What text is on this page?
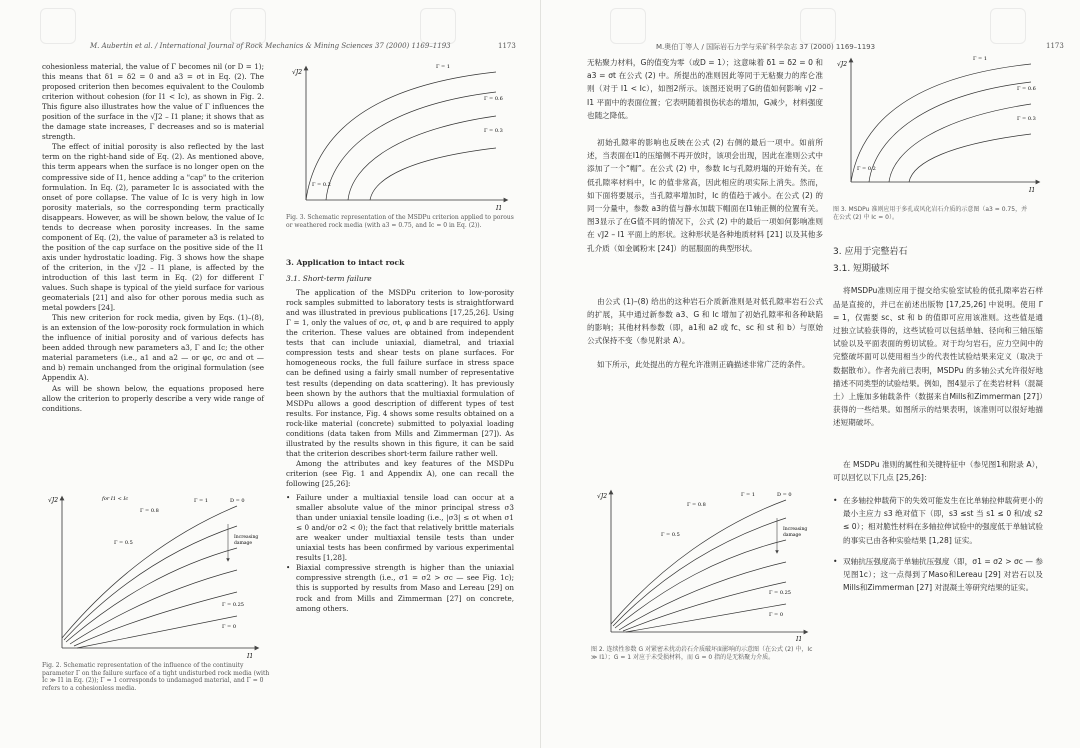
M. Aubertin et al. / International Journal of Rock Mechanics & Mining Sciences 37 (2000) 1169–1193	1173

cohesionless material, the value of Γ becomes nil (or D = 1); this means that δ1 = δ2 = 0 and a3 = σt in Eq. (2). The proposed criterion then becomes equivalent to the Coulomb criterion without cohesion (for I1 < Ic), as shown in Fig. 2. This figure also illustrates how the value of Γ influences the position of the surface in the √J2 – I1 plane; it shows that as the damage state increases, Γ decreases and so is material strength.

The effect of initial porosity is also reflected by the last term on the right-hand side of Eq. (2). As mentioned above, this term appears when the surface is no longer open on the compressive side of I1, hence adding a "cap" to the criterion formulation. In Eq. (2), parameter Ic is associated with the onset of pore collapse. The value of Ic is very high in low porosity materials, so the corresponding term practically disappears. However, as will be shown below, the value of Ic tends to decrease when porosity increases. In the same component of Eq. (2), the value of parameter a3 is related to the position of the cap surface on the positive side of the I1 axis under hydrostatic loading. Fig. 3 shows how the shape of the criterion, in the √J2 – I1 plane, is affected by the introduction of this last term in Eq. (2) for different Γ values. Such shape is typical of the yield surface for various geomaterials [21] and also for other porous media such as metal powders [24].

This new criterion for rock media, given by Eqs. (1)–(8), is an extension of the low-porosity rock formulation in which the influence of initial porosity and of various defects has been added through new parameters a3, Γ and Ic; the other material parameters (i.e., a1 and a2 — or φc, σc and σt — and b) remain unchanged from the original formulation (see Appendix A).

As will be shown below, the equations proposed here allow the criterion to properly describe a very wide range of conditions.

√J2
I1
for I1 < Ic	D = 0
Γ = 1
Γ = 0.8
Γ = 0.5
Γ = 0.25
Γ = 0
Increasing
damage
Fig. 2. Schematic representation of the influence of the continuity parameter Γ on the failure surface of a tight undisturbed rock media (with Ic ≫ I1 in Eq. (2)); Γ = 1 corresponds to undamaged material, and Γ = 0 refers to a cohesionless media.
√J2
I1
Γ = 1
Γ = 0.6
Γ = 0.3
Γ = 0.2
Fig. 3. Schematic representation of the MSDPu criterion applied to porous or weathered rock media (with a3 = 0.75, and Ic = 0 in Eq. (2)).

3. Application to intact rock

3.1. Short-term failure

The application of the MSDPu criterion to low-porosity rock samples submitted to laboratory tests is straightforward and was illustrated in previous publications [17,25,26]. Using Γ = 1, only the values of σc, σt, φ and b are required to apply the criterion. These values are obtained from independent tests that can include uniaxial, diametral, and triaxial compression tests and shear tests on plane surfaces. For homogeneous rocks, the full failure surface in stress space can be defined using a fairly small number of representative test results (depending on data scattering). It has previously been shown by the authors that the multiaxial formulation of MSDPu allows a good description of different types of test results. For instance, Fig. 4 shows some results obtained on a rock-like material (concrete) submitted to polyaxial loading conditions (data taken from Mills and Zimmerman [27]). As illustrated by the results shown in this figure, it can be said that the criterion describes short-term failure rather well.

Among the attributes and key features of the MSDPu criterion (see Fig. 1 and Appendix A), one can recall the following [25,26]:

• Failure under a multiaxial tensile load can occur at a smaller absolute value of the minor principal stress σ3 than under uniaxial tensile loading (i.e., |σ3| ≤ σt when σ1 ≤ 0 and/or σ2 < 0); the fact that relatively brittle materials are weaker under multiaxial tensile tests than under uniaxial tests has been confirmed by various experimental results [1,28].

• Biaxial compressive strength is higher than the uniaxial compressive strength (i.e., σ1 = σ2 > σc — see Fig. 1c); this is supported by results from Maso and Lereau [29] on rock and from Mills and Zimmerman [27] on concrete, among others.

M.奥伯丁等人 / 国际岩石力学与采矿科学杂志 37 (2000) 1169–1193	1173

无粘聚力材料，G的值变为零（或D = 1）；这意味着 δ1 = δ2 = 0 和 a3 = σt 在公式 (2) 中。所提出的准则因此等同于无粘聚力的库仑准则（对于 I1 < Ic），如图2所示。该图还说明了G的值如何影响 √J2 – I1 平面中的表面位置；它表明随着损伤状态的增加，G减少，材料强度也随之降低。

初始孔隙率的影响也反映在公式 (2) 右侧的最后一项中。如前所述，当表面在I1的压缩侧不再开放时，该项会出现，因此在准则公式中添加了一个“帽”。在公式 (2) 中，参数 Ic与孔隙坍塌的开始有关。在低孔隙率材料中，Ic 的值非常高，因此相应的项实际上消失。然而，如下面将要展示，当孔隙率增加时，Ic 的值趋于减小。在公式 (2) 的同一分量中，参数 a3的值与静水加载下帽面在I1轴正侧的位置有关。图3显示了在G值不同的情况下，公式 (2) 中的最后一项如何影响准则在 √J2 – I1 平面上的形状。这种形状是各种地质材料 [21] 以及其他多孔介质（如金属粉末 [24]）的屈服面的典型形状。

由公式 (1)–(8) 给出的这种岩石介质新准则是对低孔隙率岩石公式的扩展，其中通过新参数 a3、G 和 Ic 增加了初始孔隙率和各种缺陷的影响；其他材料参数（即，a1和 a2 或 fc、sc 和 st 和 b）与原始公式保持不变（参见附录 A）。

如下所示，此处提出的方程允许准则正确描述非常广泛的条件。

√J2
I1
D = 0
Γ = 1
Γ = 0.8
Γ = 0.5
Γ = 0.25
Γ = 0
Increasing
damage
图 2. 连续性参数 G 对紧密未扰动岩石介质破坏面影响的示意图（在公式 (2) 中，Ic ≫ I1）；G = 1 对应于未受损材料，而 G = 0 指的是无粘聚力介质。
√J2
I1
Γ = 1
Γ = 0.6
Γ = 0.3
Γ = 0.2
图 3. MSDPu 准则应用于多孔或风化岩石介质的示意图（a3 = 0.75，并在公式 (2) 中 Ic = 0）。

3. 应用于完整岩石

3.1. 短期破坏

将MSDPu准则应用于提交给实验室试验的低孔隙率岩石样品是直接的，并已在前述出版物 [17,25,26] 中说明。使用 Γ = 1，仅需要 sc、st 和 b 的值即可应用该准则。这些值是通过独立试验获得的，这些试验可以包括单轴、径向和三轴压缩试验以及平面表面的剪切试验。对于均匀岩石，应力空间中的完整破坏面可以使用相当少的代表性试验结果来定义（取决于数据散布）。作者先前已表明，MSDPu 的多轴公式允许很好地描述不同类型的试验结果。例如，图4显示了在类岩材料（混凝土）上施加多轴载条件（数据来自Mills和Zimmerman [27]）获得的一些结果。如图所示的结果表明，该准则可以很好地描述短期破坏。

在 MSDPu 准则的属性和关键特征中（参见图1和附录 A），可以回忆以下几点 [25,26]：

• 在多轴拉伸载荷下的失效可能发生在比单轴拉伸载荷更小的最小主应力 s3 绝对值下（即，s3 ≤st 当 s1 ≤ 0 和/或 s2 ≤ 0）；相对脆性材料在多轴拉伸试验中的强度低于单轴试验的事实已由各种实验结果 [1,28] 证实。

• 双轴抗压强度高于单轴抗压强度（即，σ1 = σ2 > σc — 参见图1c）；这一点得到了Maso和Lereau [29] 对岩石以及Mills和Zimmerman [27] 对混凝土等研究结果的证实。
